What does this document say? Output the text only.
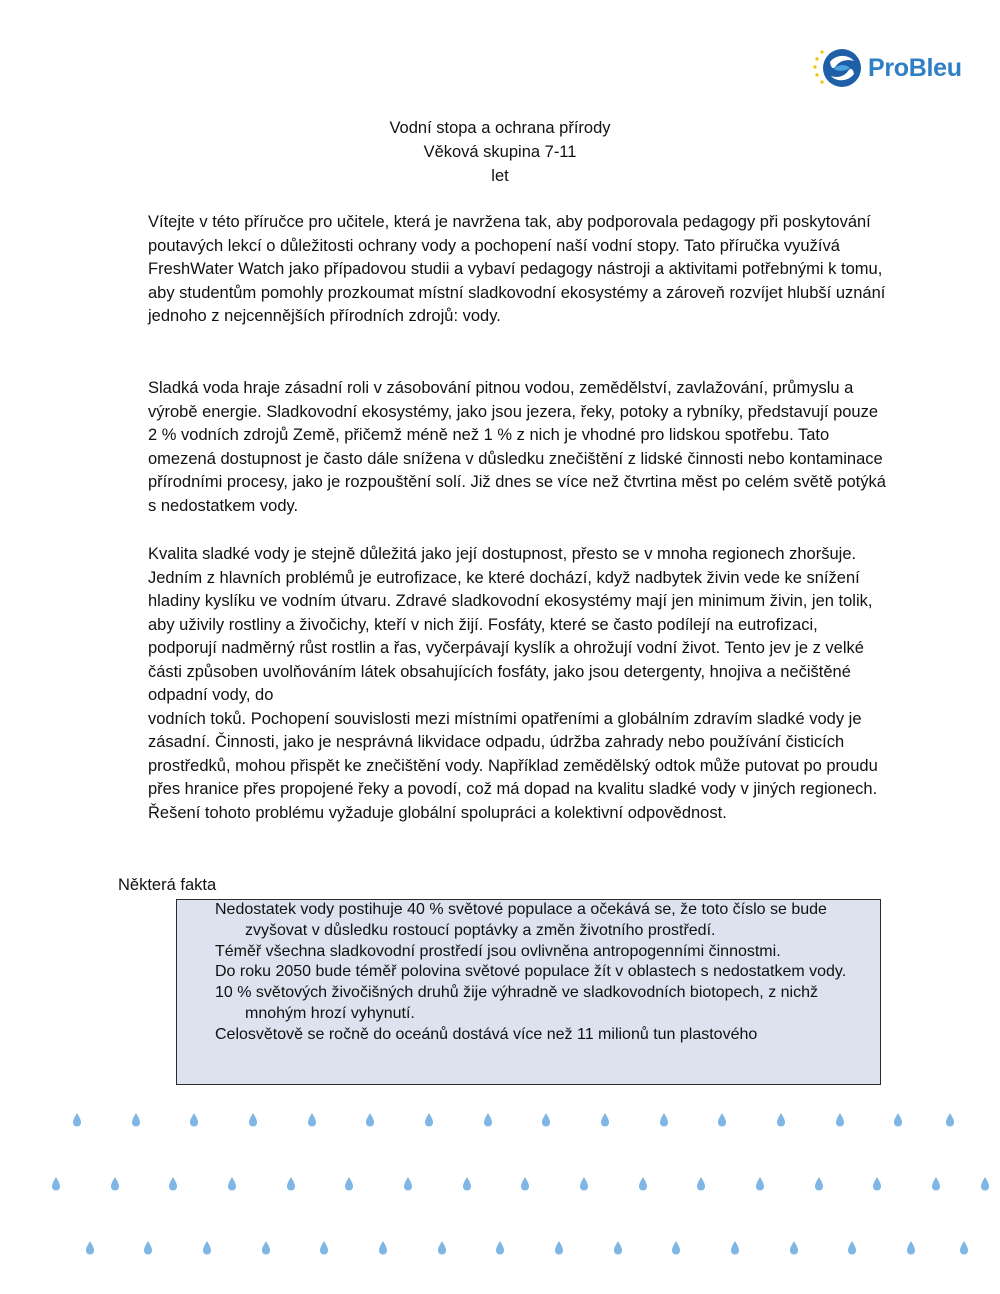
ProBleu
Vodní stopa a ochrana přírody
Věková skupina 7-11
let

Vítejte v této příručce pro učitele, která je navržena tak, aby podporovala pedagogy při poskytování poutavých lekcí o důležitosti ochrany vody a pochopení naší vodní stopy. Tato příručka využívá FreshWater Watch jako případovou studii a vybaví pedagogy nástroji a aktivitami potřebnými k tomu, aby studentům pomohly prozkoumat místní sladkovodní ekosystémy a zároveň rozvíjet hlubší uznání jednoho z nejcennějších přírodních zdrojů: vody.

Sladká voda hraje zásadní roli v zásobování pitnou vodou, zemědělství, zavlažování, průmyslu a výrobě energie. Sladkovodní ekosystémy, jako jsou jezera, řeky, potoky a rybníky, představují pouze 2 % vodních zdrojů Země, přičemž méně než 1 % z nich je vhodné pro lidskou spotřebu. Tato omezená dostupnost je často dále snížena v důsledku znečištění z lidské činnosti nebo kontaminace přírodními procesy, jako je rozpouštění solí. Již dnes se více než čtvrtina měst po celém světě potýká s nedostatkem vody.

Kvalita sladké vody je stejně důležitá jako její dostupnost, přesto se v mnoha regionech zhoršuje. Jedním z hlavních problémů je eutrofizace, ke které dochází, když nadbytek živin vede ke snížení hladiny kyslíku ve vodním útvaru. Zdravé sladkovodní ekosystémy mají jen minimum živin, jen tolik, aby uživily rostliny a živočichy, kteří v nich žijí. Fosfáty, které se často podílejí na eutrofizaci, podporují nadměrný růst rostlin a řas, vyčerpávají kyslík a ohrožují vodní život. Tento jev je z velké části způsoben uvolňováním látek obsahujících fosfáty, jako jsou detergenty, hnojiva a nečištěné odpadní vody, do
vodních toků. Pochopení souvislosti mezi místními opatřeními a globálním zdravím sladké vody je zásadní. Činnosti, jako je nesprávná likvidace odpadu, údržba zahrady nebo používání čisticích prostředků, mohou přispět ke znečištění vody. Například zemědělský odtok může putovat po proudu přes hranice přes propojené řeky a povodí, což má dopad na kvalitu sladké vody v jiných regionech. Řešení tohoto problému vyžaduje globální spolupráci a kolektivní odpovědnost.
Některá fakta
Nedostatek vody postihuje 40 % světové populace a očekává se, že toto číslo se bude zvyšovat v důsledku rostoucí poptávky a změn životního prostředí.
Téměř všechna sladkovodní prostředí jsou ovlivněna antropogenními činnostmi.
Do roku 2050 bude téměř polovina světové populace žít v oblastech s nedostatkem vody.
10 % světových živočišných druhů žije výhradně ve sladkovodních biotopech, z nichž mnohým hrozí vyhynutí.
Celosvětově se ročně do oceánů dostává více než 11 milionů tun plastového
